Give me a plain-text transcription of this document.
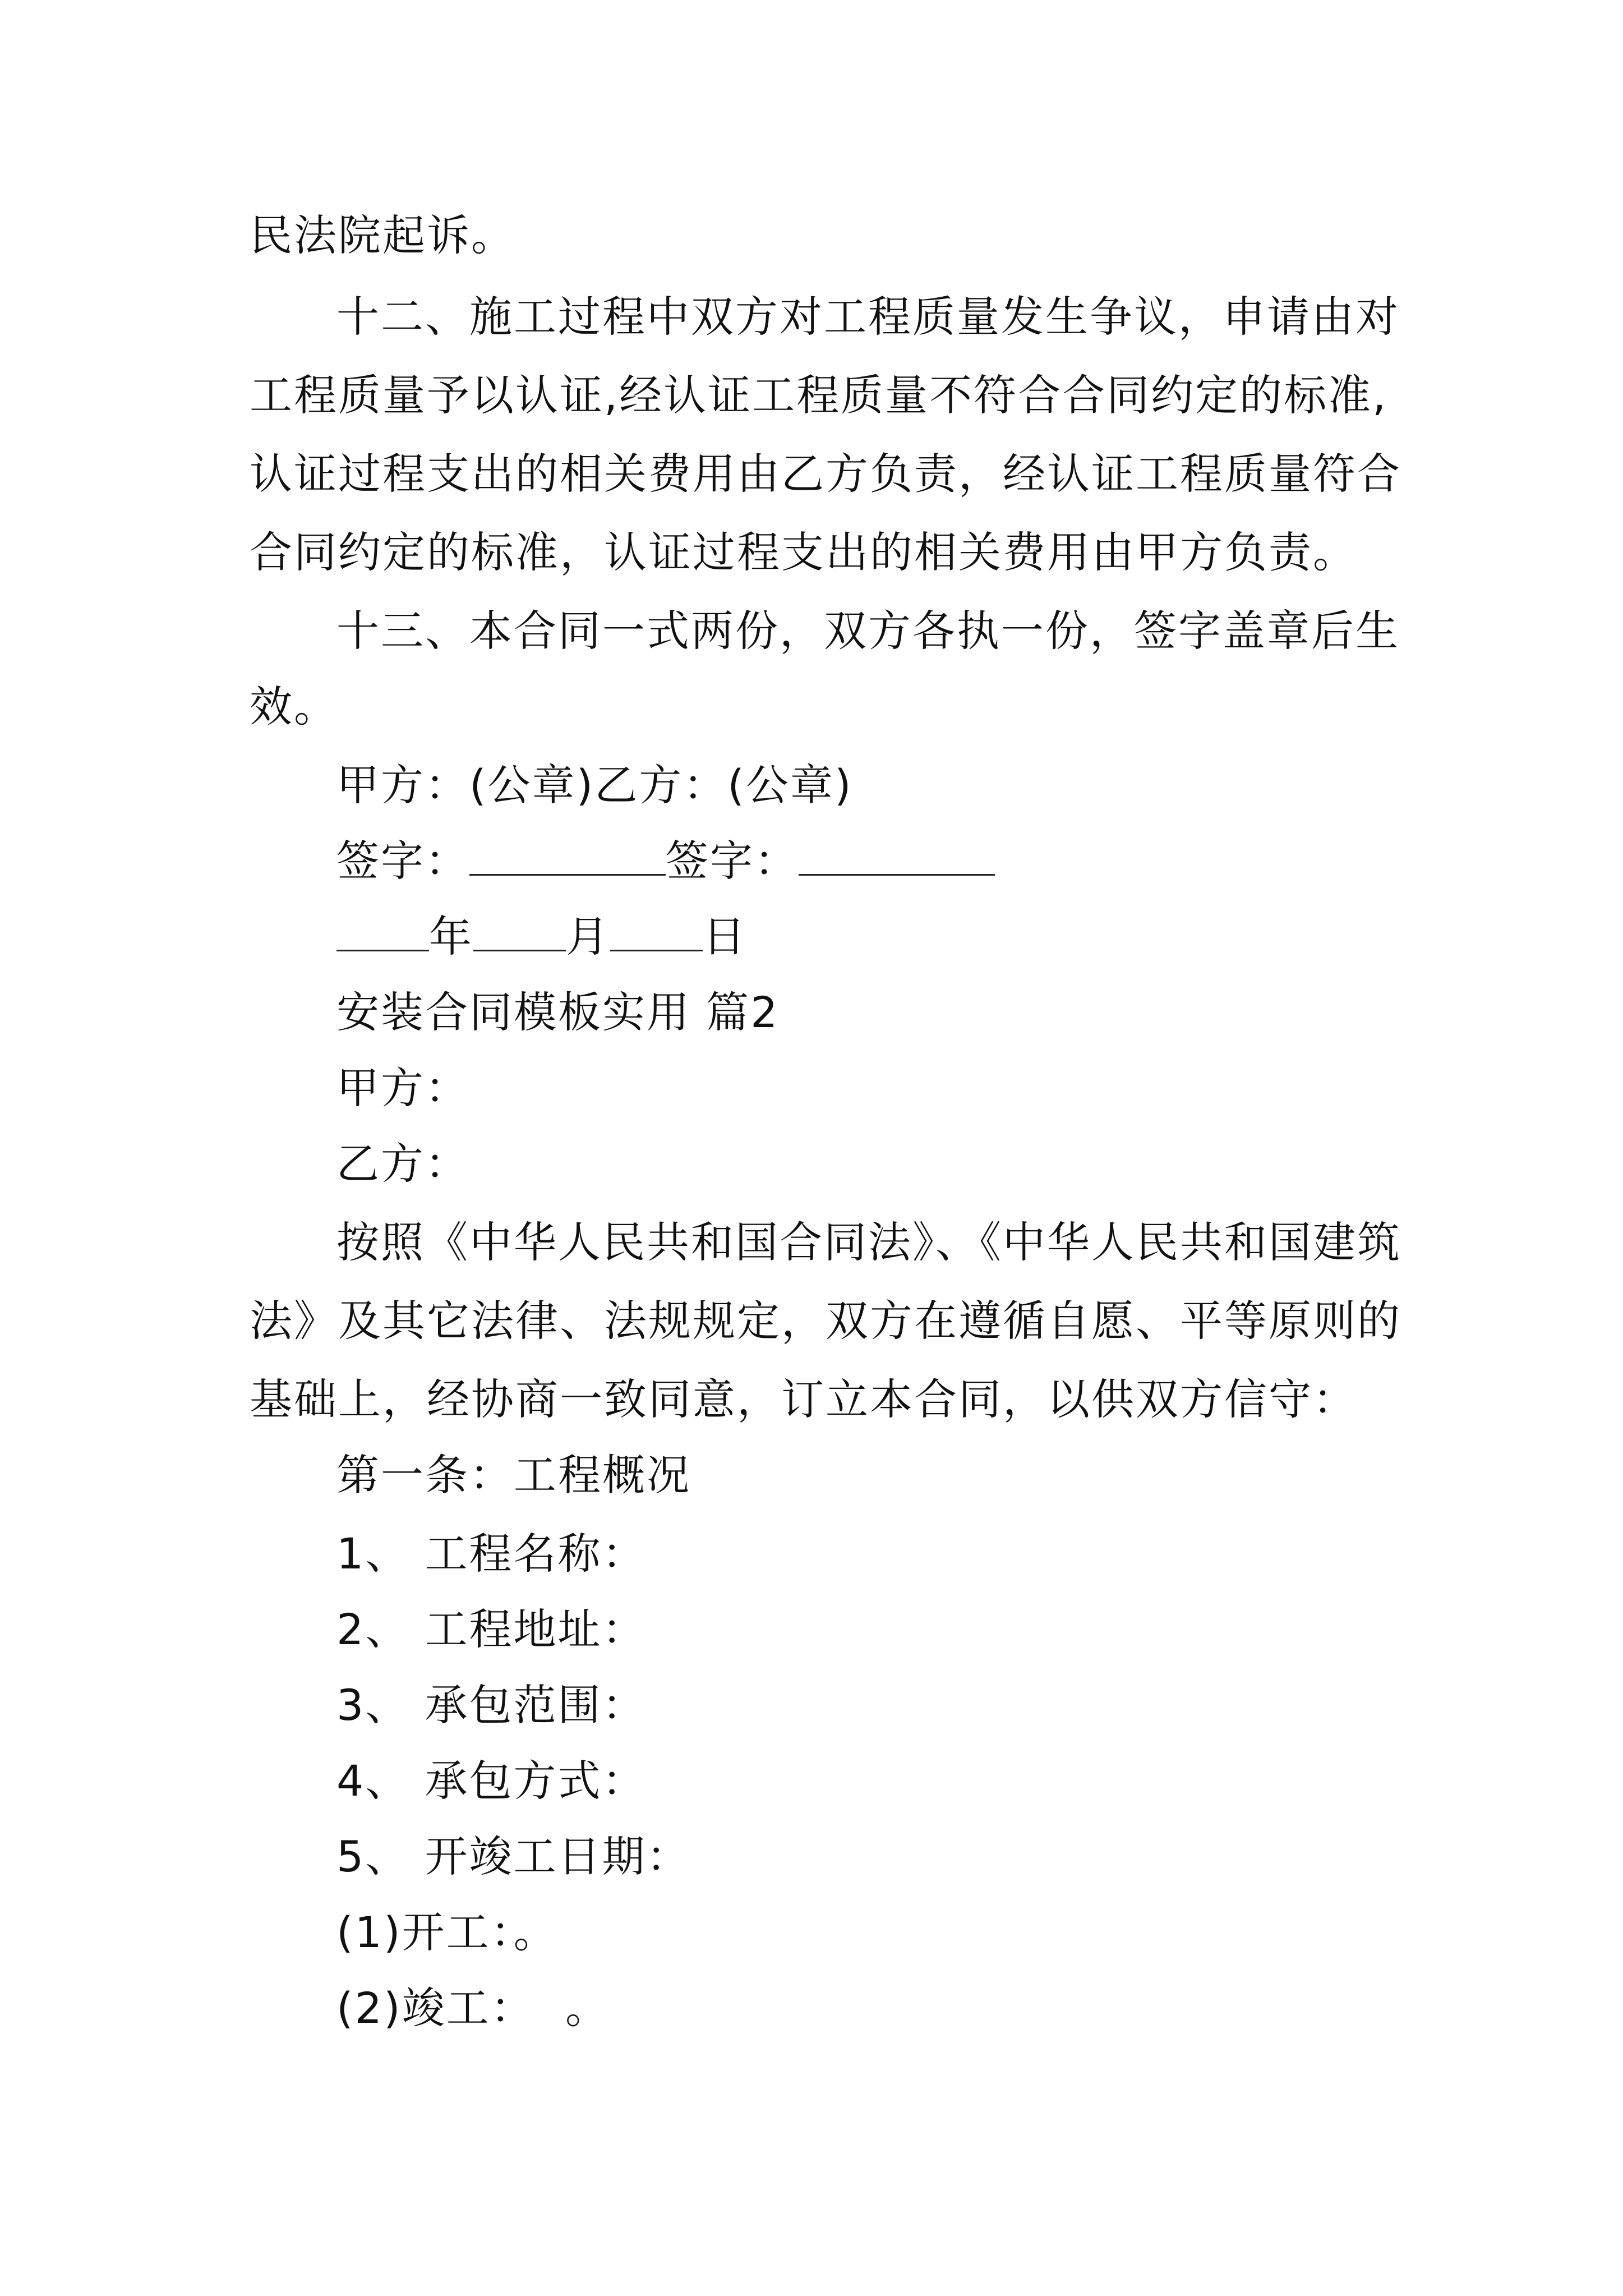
民法院起诉。
十二、施工过程中双方对工程质量发生争议，申请由对
工程质量予以认证,经认证工程质量不符合合同约定的标准,
认证过程支出的相关费用由乙方负责，经认证工程质量符合
合同约定的标准，认证过程支出的相关费用由甲方负责。
十三、本合同一式两份，双方各执一份，签字盖章后生
效。
甲方：(公章)乙方：(公章)
签字：	签字：
年 月 日
安装合同模板实用 篇2
甲方：
乙方：
按照《中华人民共和国合同法》、《中华人民共和国建筑
法》及其它法律、法规规定，双方在遵循自愿、平等原则的
基础上，经协商一致同意，订立本合同，以供双方信守：
第一条：工程概况
1、 工程名称：
2、 工程地址：
3、 承包范围：
4、 承包方式：
5、 开竣工日期：
(1)开工：。
(2)竣工：  。
